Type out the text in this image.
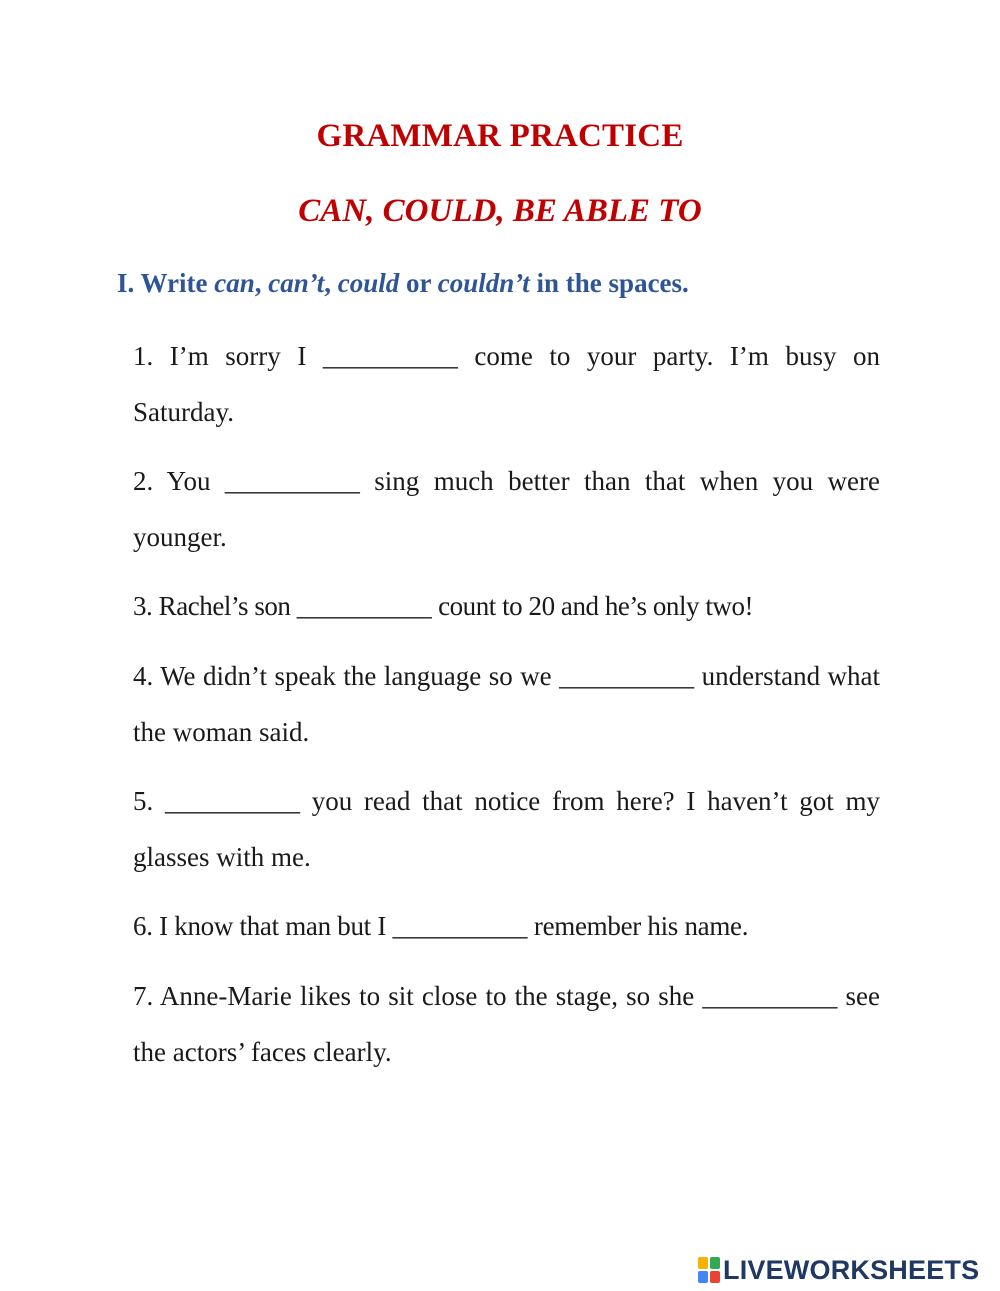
GRAMMAR PRACTICE
CAN, COULD, BE ABLE TO
I. Write can, can’t, could or couldn’t in the spaces.
1. I’m sorry I __________ come to your party. I’m busy on Saturday.
2. You __________ sing much better than that when you were younger.
3. Rachel’s son __________ count to 20 and he’s only two!
4. We didn’t speak the language so we __________ understand what the woman said.
5. __________ you read that notice from here? I haven’t got my glasses with me.
6. I know that man but I __________ remember his name.
7. Anne-Marie likes to sit close to the stage, so she __________ see the actors’ faces clearly.
LIVEWORKSHEETS
